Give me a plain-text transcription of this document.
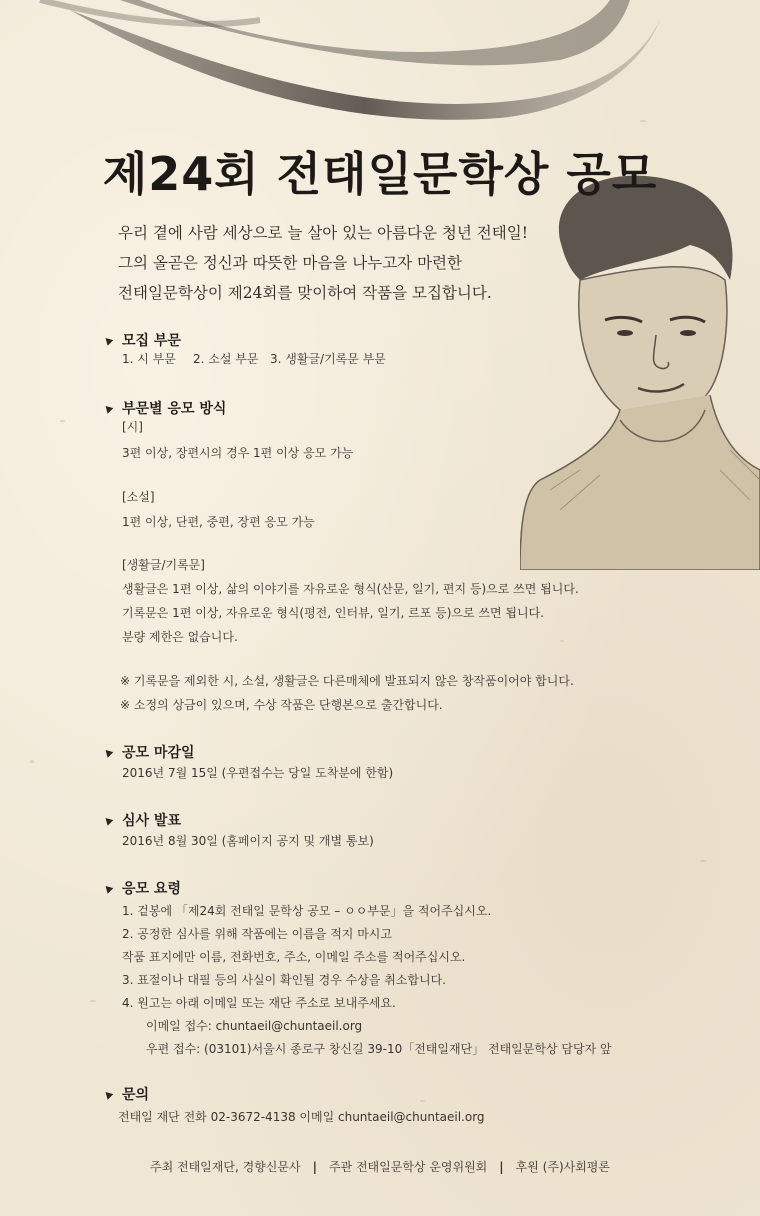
제24회 전태일문학상 공모
우리 곁에 사람 세상으로 늘 살아 있는 아름다운 청년 전태일!
그의 올곧은 정신과 따뜻한 마음을 나누고자 마련한
전태일문학상이 제24회를 맞이하여 작품을 모집합니다.
모집 부문
1. 시 부문 2. 소설 부문 3. 생활글/기록문 부문
부문별 응모 방식
[시]
3편 이상, 장편시의 경우 1편 이상 응모 가능
[소설]
1편 이상, 단편, 중편, 장편 응모 가능
[생활글/기록문]
생활글은 1편 이상, 삶의 이야기를 자유로운 형식(산문, 일기, 편지 등)으로 쓰면 됩니다.
기록문은 1편 이상, 자유로운 형식(평전, 인터뷰, 일기, 르포 등)으로 쓰면 됩니다.
분량 제한은 없습니다.
※ 기록문을 제외한 시, 소설, 생활글은 다른매체에 발표되지 않은 창작품이어야 합니다.
※ 소정의 상금이 있으며, 수상 작품은 단행본으로 출간합니다.
공모 마감일
2016년 7월 15일 (우편접수는 당일 도착분에 한함)
심사 발표
2016년 8월 30일 (홈페이지 공지 및 개별 통보)
응모 요령
1. 겉봉에 「제24회 전태일 문학상 공모 – ㅇㅇ부문」을 적어주십시오.
2. 공정한 심사를 위해 작품에는 이름을 적지 마시고
작품 표지에만 이름, 전화번호, 주소, 이메일 주소를 적어주십시오.
3. 표절이나 대필 등의 사실이 확인될 경우 수상을 취소합니다.
4. 원고는 아래 이메일 또는 재단 주소로 보내주세요.
이메일 접수: chuntaeil@chuntaeil.org
우편 접수: (03101)서울시 종로구 창신길 39-10「전태일재단」 전태일문학상 담당자 앞
문의
전태일 재단 전화 02-3672-4138 이메일 chuntaeil@chuntaeil.org
주최 전태일재단, 경향신문사 | 주관 전태일문학상 운영위원회 | 후원 (주)사회평론
